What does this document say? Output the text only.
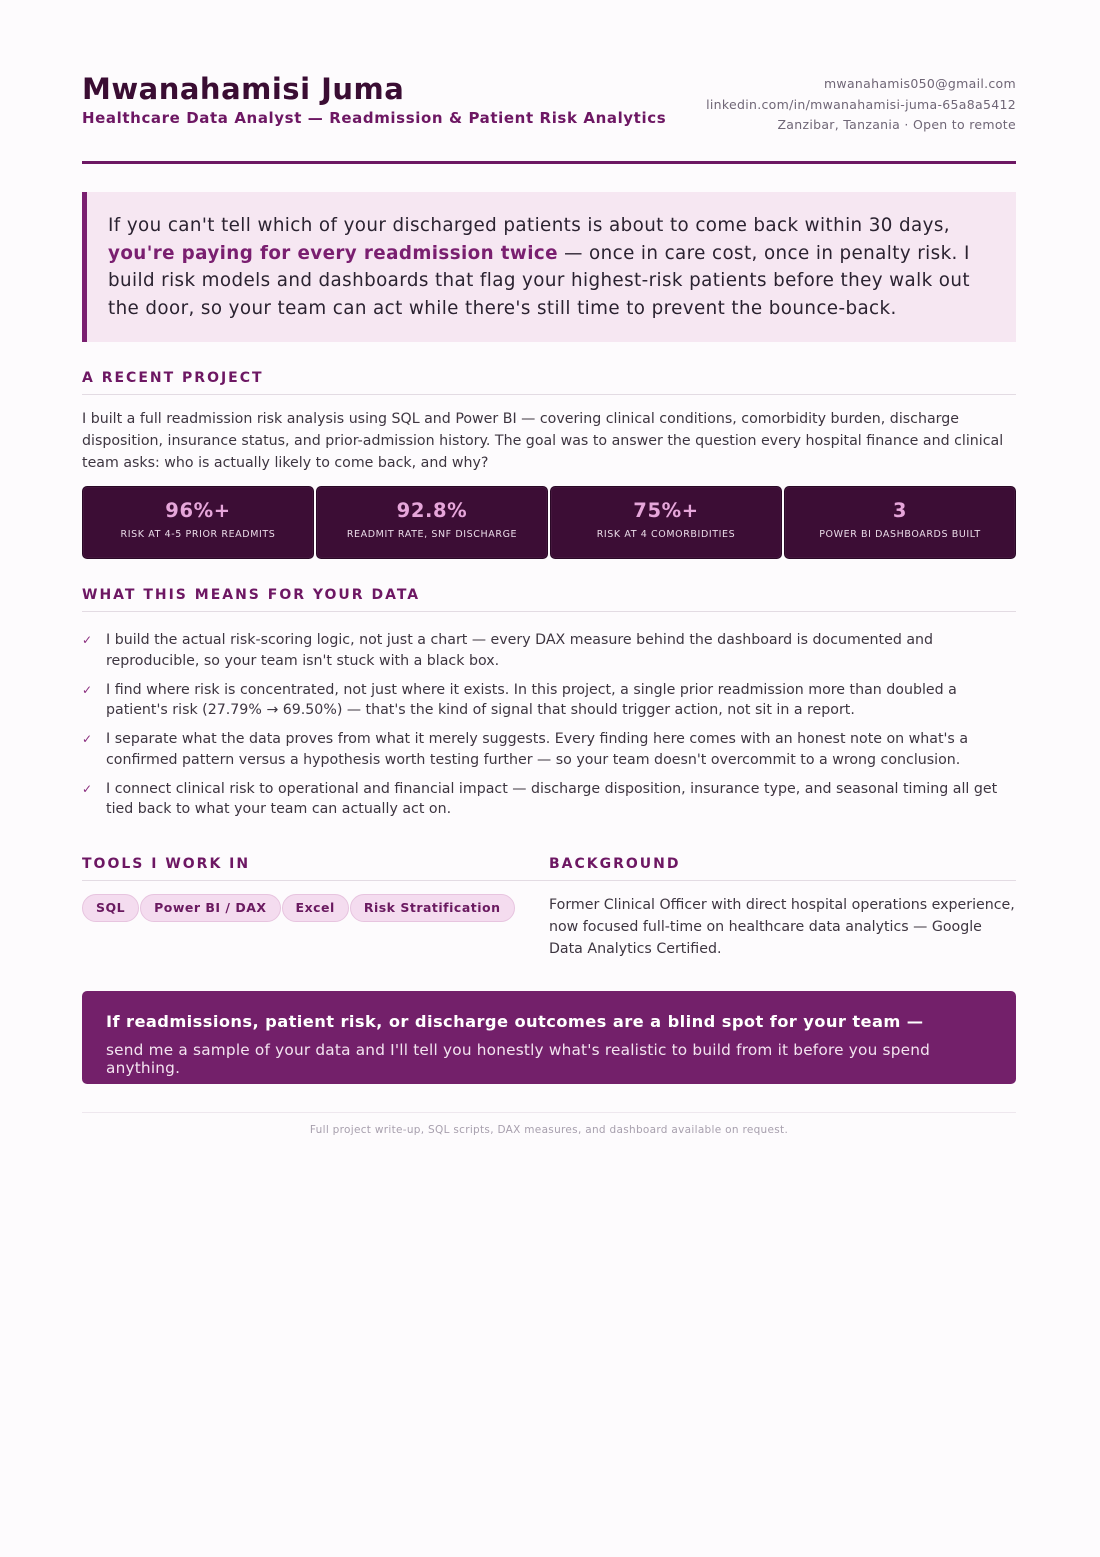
Mwanahamisi Juma
Healthcare Data Analyst — Readmission & Patient Risk Analytics
mwanahamis050@gmail.com
linkedin.com/in/mwanahamisi-juma-65a8a5412
Zanzibar, Tanzania · Open to remote

If you can't tell which of your discharged patients is about to come back within 30 days, you're paying for every readmission twice — once in care cost, once in penalty risk. I build risk models and dashboards that flag your highest-risk patients before they walk out the door, so your team can act while there's still time to prevent the bounce-back.

A RECENT PROJECT
I built a full readmission risk analysis using SQL and Power BI — covering clinical conditions, comorbidity burden, discharge disposition, insurance status, and prior-admission history. The goal was to answer the question every hospital finance and clinical team asks: who is actually likely to come back, and why?
96%+
RISK AT 4-5 PRIOR READMITS
92.8%
READMIT RATE, SNF DISCHARGE
75%+
RISK AT 4 COMORBIDITIES
3
POWER BI DASHBOARDS BUILT
WHAT THIS MEANS FOR YOUR DATA
✓ I build the actual risk-scoring logic, not just a chart — every DAX measure behind the dashboard is documented and reproducible, so your team isn't stuck with a black box.
✓ I find where risk is concentrated, not just where it exists. In this project, a single prior readmission more than doubled a patient's risk (27.79% → 69.50%) — that's the kind of signal that should trigger action, not sit in a report.
✓ I separate what the data proves from what it merely suggests. Every finding here comes with an honest note on what's a confirmed pattern versus a hypothesis worth testing further — so your team doesn't overcommit to a wrong conclusion.
✓ I connect clinical risk to operational and financial impact — discharge disposition, insurance type, and seasonal timing all get tied back to what your team can actually act on.
TOOLS I WORK IN
SQL	Power BI / DAX	Excel	Risk Stratification
BACKGROUND
Former Clinical Officer with direct hospital operations experience, now focused full-time on healthcare data analytics — Google Data Analytics Certified.
If readmissions, patient risk, or discharge outcomes are a blind spot for your team —
send me a sample of your data and I'll tell you honestly what's realistic to build from it before you spend anything.
Full project write-up, SQL scripts, DAX measures, and dashboard available on request.
